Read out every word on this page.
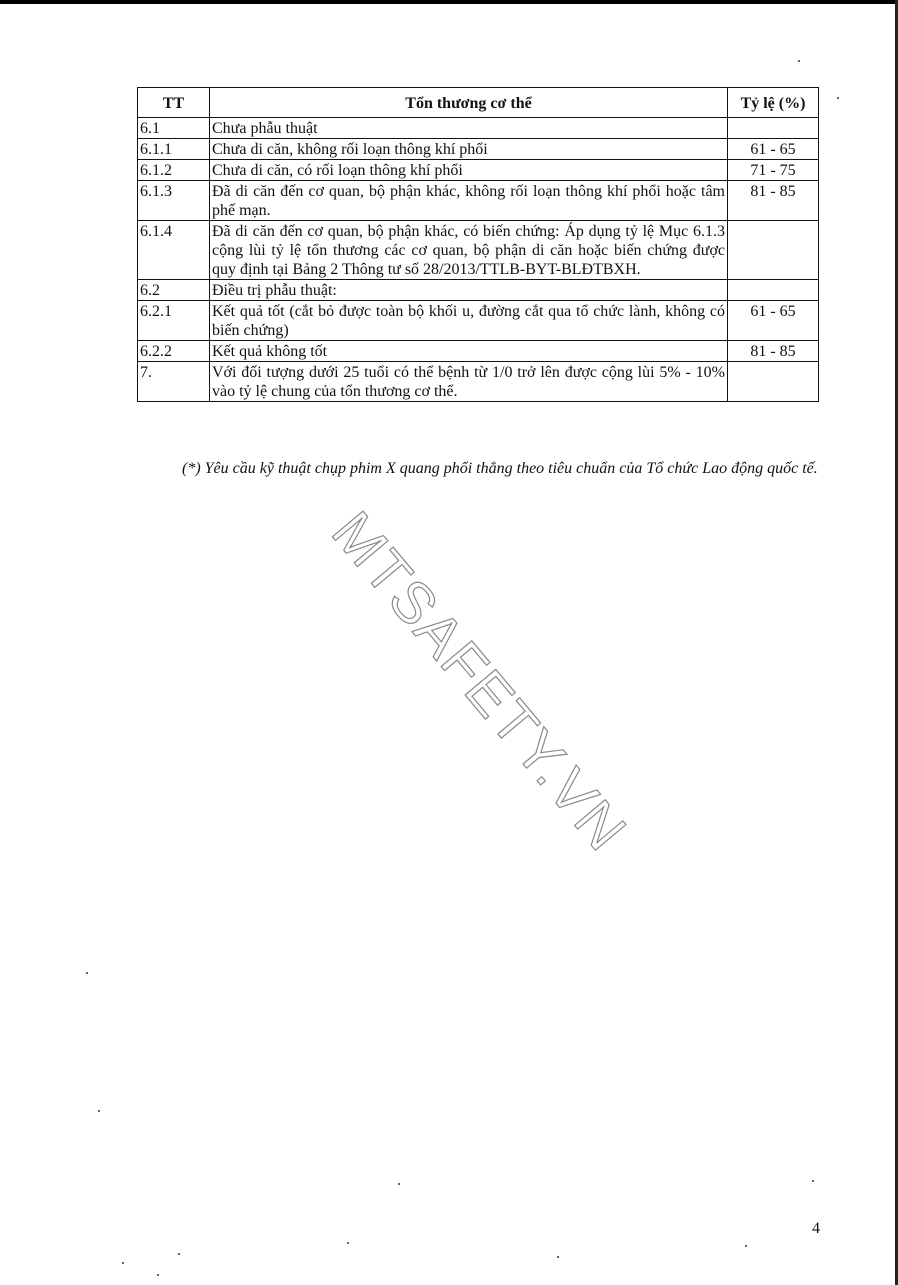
TT	Tổn thương cơ thể	Tỷ lệ (%)
6.1	Chưa phẫu thuật	
6.1.1	Chưa di căn, không rối loạn thông khí phổi	61 - 65
6.1.2	Chưa di căn, có rối loạn thông khí phổi	71 - 75
6.1.3	Đã di căn đến cơ quan, bộ phận khác, không rối loạn thông khí phổi hoặc tâm phế mạn.	81 - 85
6.1.4	Đã di căn đến cơ quan, bộ phận khác, có biến chứng: Áp dụng tỷ lệ Mục 6.1.3 cộng lùi tỷ lệ tổn thương các cơ quan, bộ phận di căn hoặc biến chứng được quy định tại Bảng 2 Thông tư số 28/2013/TTLB-BYT-BLĐTBXH.	
6.2	Điều trị phẫu thuật:	
6.2.1	Kết quả tốt (cắt bỏ được toàn bộ khối u, đường cắt qua tổ chức lành, không có biến chứng)	61 - 65
6.2.2	Kết quả không tốt	81 - 85
7.	Với đối tượng dưới 25 tuổi có thể bệnh từ 1/0 trở lên được cộng lùi 5% - 10% vào tỷ lệ chung của tổn thương cơ thể.	
(*) Yêu cầu kỹ thuật chụp phim X quang phổi thẳng theo tiêu chuẩn của Tổ chức Lao động quốc tế.
MTSAFETY.VN
4
